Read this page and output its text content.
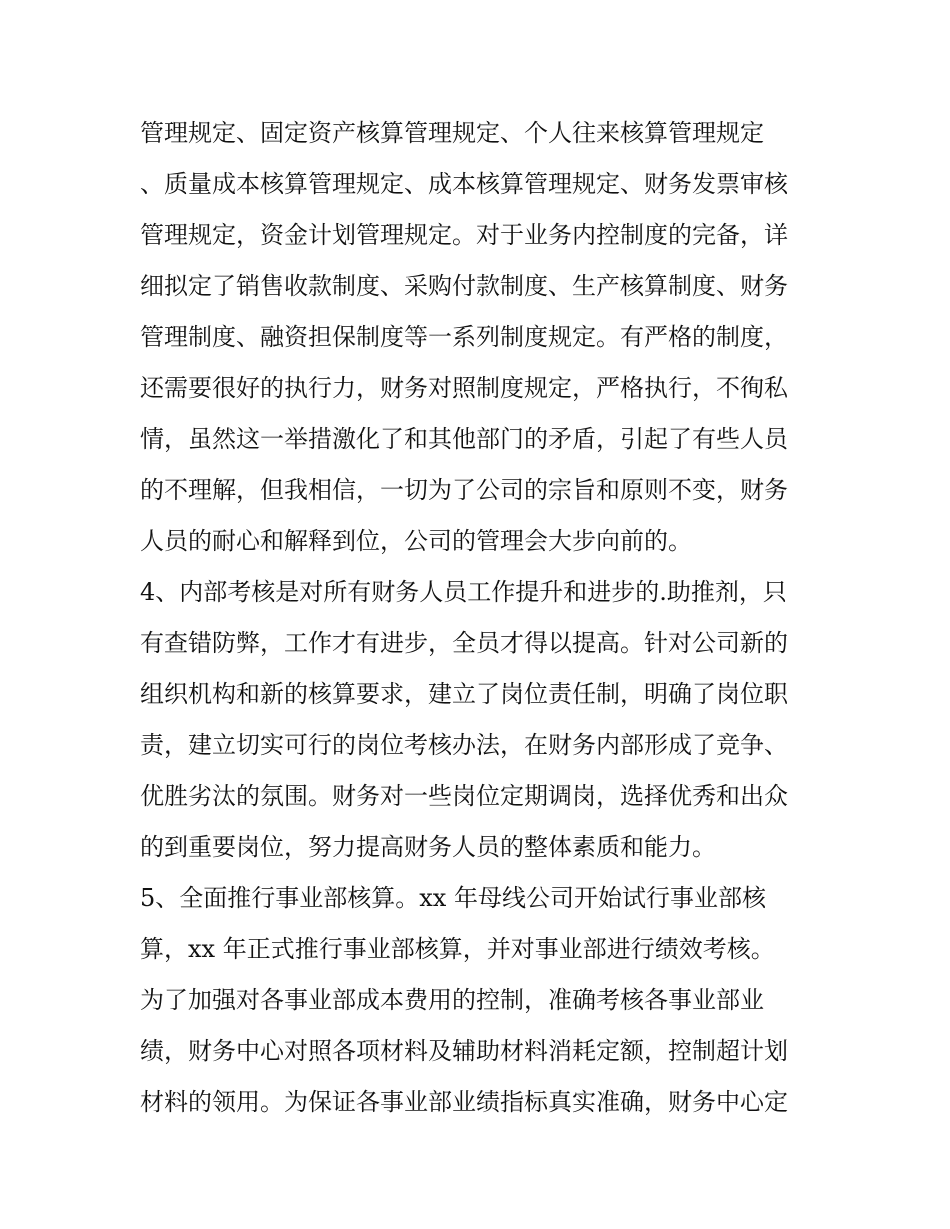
管理规定、固定资产核算管理规定、个人往来核算管理规定
、质量成本核算管理规定、成本核算管理规定、财务发票审核
管理规定，资金计划管理规定。对于业务内控制度的完备，详
细拟定了销售收款制度、采购付款制度、生产核算制度、财务
管理制度、融资担保制度等一系列制度规定。有严格的制度，
还需要很好的执行力，财务对照制度规定，严格执行，不徇私
情，虽然这一举措激化了和其他部门的矛盾，引起了有些人员
的不理解，但我相信，一切为了公司的宗旨和原则不变，财务
人员的耐心和解释到位，公司的管理会大步向前的。
4、内部考核是对所有财务人员工作提升和进步的.助推剂，只
有查错防弊，工作才有进步，全员才得以提高。针对公司新的
组织机构和新的核算要求，建立了岗位责任制，明确了岗位职
责，建立切实可行的岗位考核办法，在财务内部形成了竞争、
优胜劣汰的氛围。财务对一些岗位定期调岗，选择优秀和出众
的到重要岗位，努力提高财务人员的整体素质和能力。
5、全面推行事业部核算。xx 年母线公司开始试行事业部核
算，xx 年正式推行事业部核算，并对事业部进行绩效考核。
为了加强对各事业部成本费用的控制，准确考核各事业部业
绩，财务中心对照各项材料及辅助材料消耗定额，控制超计划
材料的领用。为保证各事业部业绩指标真实准确，财务中心定
